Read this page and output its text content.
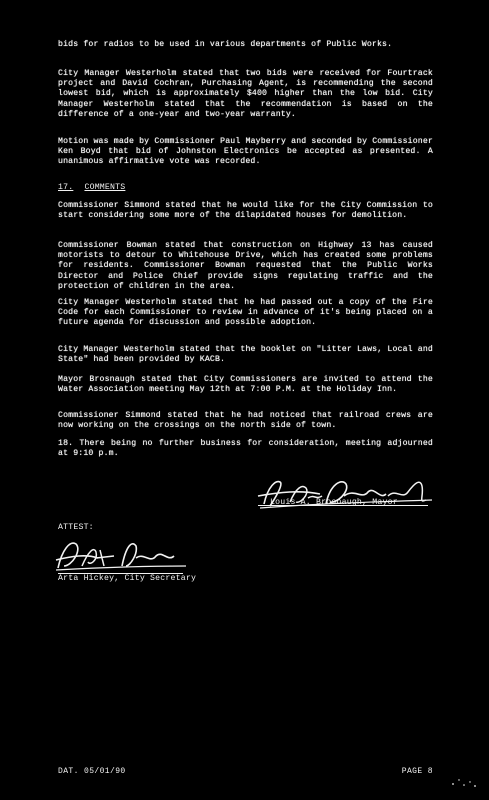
bids for radios to be used in various departments of Public Works.
City Manager Westerholm stated that two bids were received for Fourtrack project and David Cochran, Purchasing Agent, is recommending the second lowest bid, which is approximately $400 higher than the low bid. City Manager Westerholm stated that the recommendation is based on the difference of a one-year and two-year warranty.
Motion was made by Commissioner Paul Mayberry and seconded by Commissioner Ken Boyd that bid of Johnston Electronics be accepted as presented. A unanimous affirmative vote was recorded.
17. COMMENTS
Commissioner Simmond stated that he would like for the City Commission to start considering some more of the dilapidated houses for demolition.
Commissioner Bowman stated that construction on Highway 13 has caused motorists to detour to Whitehouse Drive, which has created some problems for residents. Commissioner Bowman requested that the Public Works Director and Police Chief provide signs regulating traffic and the protection of children in the area.
City Manager Westerholm stated that he had passed out a copy of the Fire Code for each Commissioner to review in advance of it's being placed on a future agenda for discussion and possible adoption.
City Manager Westerholm stated that the booklet on "Litter Laws, Local and State" had been provided by KACB.
Mayor Brosnaugh stated that City Commissioners are invited to attend the Water Association meeting May 12th at 7:00 P.M. at the Holiday Inn.
Commissioner Simmond stated that he had noticed that railroad crews are now working on the crossings on the north side of town.
18. There being no further business for consideration, meeting adjourned at 9:10 p.m.
Louis A. Brosnaugh, Mayor
ATTEST:
Arta Hickey, City Secretary
DAT. 05/01/90	PAGE 8
